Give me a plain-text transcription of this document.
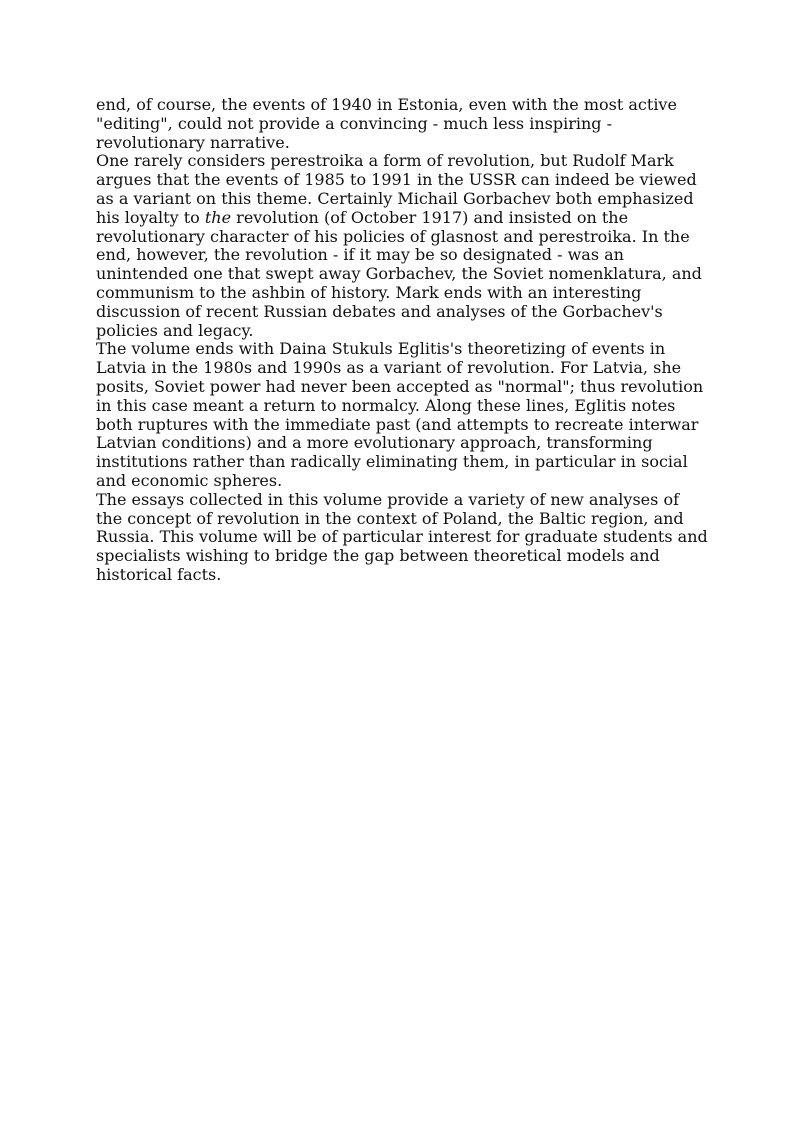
end, of course, the events of 1940 in Estonia, even with the most active "editing", could not provide a convincing - much less inspiring - revolutionary narrative.

One rarely considers perestroika a form of revolution, but Rudolf Mark argues that the events of 1985 to 1991 in the USSR can indeed be viewed as a variant on this theme. Certainly Michail Gorbachev both emphasized his loyalty to the revolution (of October 1917) and insisted on the revolutionary character of his policies of glasnost and perestroika. In the end, however, the revolution - if it may be so designated - was an unintended one that swept away Gorbachev, the Soviet nomenklatura, and communism to the ashbin of history. Mark ends with an interesting discussion of recent Russian debates and analyses of the Gorbachev's policies and legacy.

The volume ends with Daina Stukuls Eglitis's theoretizing of events in Latvia in the 1980s and 1990s as a variant of revolution. For Latvia, she posits, Soviet power had never been accepted as "normal"; thus revolution in this case meant a return to normalcy. Along these lines, Eglitis notes both ruptures with the immediate past (and attempts to recreate interwar Latvian conditions) and a more evolutionary approach, transforming institutions rather than radically eliminating them, in particular in social and economic spheres.

The essays collected in this volume provide a variety of new analyses of the concept of revolution in the context of Poland, the Baltic region, and Russia. This volume will be of particular interest for graduate students and specialists wishing to bridge the gap between theoretical models and historical facts.
